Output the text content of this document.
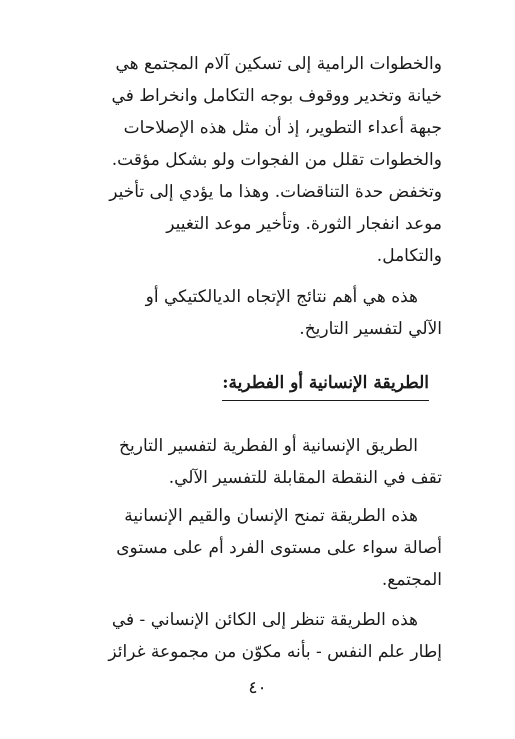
والخطوات الرامية إلى تسكين آلام المجتمع هي
خيانة وتخدير ووقوف بوجه التكامل وانخراط في
جبهة أعداء التطوير، إذ أن مثل هذه الإصلاحات
والخطوات تقلل من الفجوات ولو بشكل مؤقت.
وتخفض حدة التناقضات. وهذا ما يؤدي إلى تأخير
موعد انفجار الثورة. وتأخير موعد التغيير
والتكامل.
هذه هي أهم نتائج الإتجاه الديالكتيكي أو
الآلي لتفسير التاريخ.
الطريقة الإنسانية أو الفطرية:
الطريق الإنسانية أو الفطرية لتفسير التاريخ
تقف في النقطة المقابلة للتفسير الآلي.
هذه الطريقة تمنح الإنسان والقيم الإنسانية
أصالة سواء على مستوى الفرد أم على مستوى
المجتمع.
هذه الطريقة تنظر إلى الكائن الإنساني - في
إطار علم النفس - بأنه مكوّن من مجموعة غرائز
٤٠
